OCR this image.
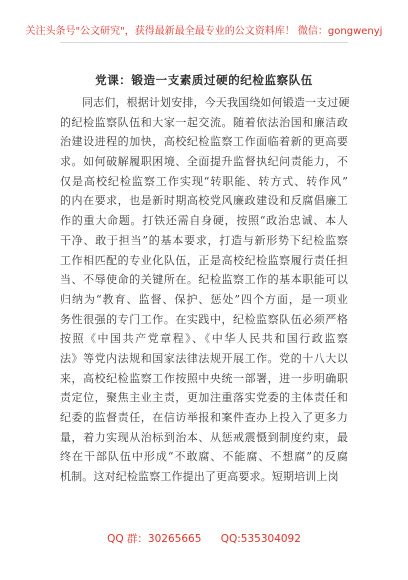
关注头条号"公文研究"，获得最新最全最专业的公文资料库！ 微信：gongwenyj
党课：锻造一支素质过硬的纪检监察队伍
同志们，根据计划安排，今天我国绕如何锻造一支过硬
的纪检监察队伍和大家一起交流。随着依法治国和廉洁政
治建设进程的加快，高校纪检监察工作面临着新的更高要
求。如何破解履职困境、全面提升监督执纪问责能力，不
仅是高校纪检监察工作实现“转职能、转方式、转作风”
的内在要求，也是新时期高校党风廉政建设和反腐倡廉工
作的重大命题。打铁还需自身硬，按照“政治忠诚、本人
干净、敢于担当”的基本要求，打造与新形势下纪检监察
工作相匹配的专业化队伍，正是高校纪检监察履行责任担
当、不辱使命的关键所在。纪检监察工作的基本职能可以
归纳为“教育、监督、保护、惩处”四个方面，是一项业
务性很强的专门工作。在实践中，纪检监察队伍必须严格
按照《中国共产党章程》、《中华人民共和国行政监察
法》等党内法规和国家法律法规开展工作。党的十八大以
来，高校纪检监察工作按照中央统一部署，进一步明确职
责定位，聚焦主业主责，更加注重落实党委的主体责任和
纪委的监督责任，在信访举报和案件查办上投入了更多力
量，着力实现从治标到治本、从惩戒震慑到制度约束，最
终在干部队伍中形成“不敢腐、不能腐、不想腐”的反腐
机制。这对纪检监察工作提出了更高要求。短期培训上岗
QQ 群：30265665 QQ:535304092
